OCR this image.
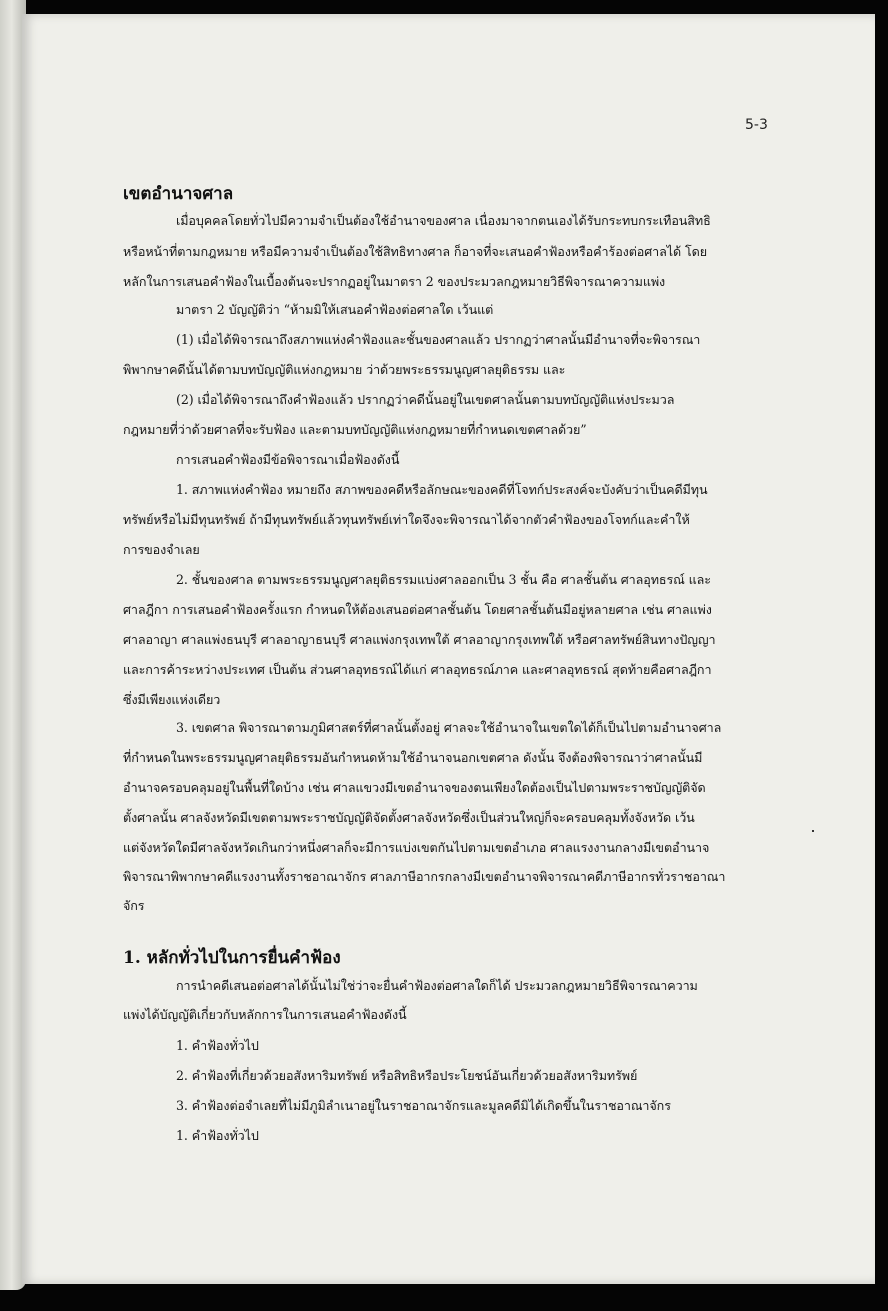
5-3
เขตอำนาจศาล
เมื่อบุคคลโดยทั่วไปมีความจำเป็นต้องใช้อำนาจของศาล เนื่องมาจากตนเองได้รับกระทบกระเทือนสิทธิ
หรือหน้าที่ตามกฎหมาย หรือมีความจำเป็นต้องใช้สิทธิทางศาล ก็อาจที่จะเสนอคำฟ้องหรือคำร้องต่อศาลได้ โดย
หลักในการเสนอคำฟ้องในเบื้องต้นจะปรากฏอยู่ในมาตรา 2 ของประมวลกฎหมายวิธีพิจารณาความแพ่ง
มาตรา 2 บัญญัติว่า “ห้ามมิให้เสนอคำฟ้องต่อศาลใด เว้นแต่
(1) เมื่อได้พิจารณาถึงสภาพแห่งคำฟ้องและชั้นของศาลแล้ว ปรากฏว่าศาลนั้นมีอำนาจที่จะพิจารณา
พิพากษาคดีนั้นได้ตามบทบัญญัติแห่งกฎหมาย ว่าด้วยพระธรรมนูญศาลยุติธรรม และ
(2) เมื่อได้พิจารณาถึงคำฟ้องแล้ว ปรากฏว่าคดีนั้นอยู่ในเขตศาลนั้นตามบทบัญญัติแห่งประมวล
กฎหมายที่ว่าด้วยศาลที่จะรับฟ้อง และตามบทบัญญัติแห่งกฎหมายที่กำหนดเขตศาลด้วย”
การเสนอคำฟ้องมีข้อพิจารณาเมื่อฟ้องดังนี้
1. สภาพแห่งคำฟ้อง หมายถึง สภาพของคดีหรือลักษณะของคดีที่โจทก์ประสงค์จะบังคับว่าเป็นคดีมีทุน
ทรัพย์หรือไม่มีทุนทรัพย์ ถ้ามีทุนทรัพย์แล้วทุนทรัพย์เท่าใดจึงจะพิจารณาได้จากตัวคำฟ้องของโจทก์และคำให้
การของจำเลย
2. ชั้นของศาล ตามพระธรรมนูญศาลยุติธรรมแบ่งศาลออกเป็น 3 ชั้น คือ ศาลชั้นต้น ศาลอุทธรณ์ และ
ศาลฎีกา การเสนอคำฟ้องครั้งแรก กำหนดให้ต้องเสนอต่อศาลชั้นต้น โดยศาลชั้นต้นมีอยู่หลายศาล เช่น ศาลแพ่ง
ศาลอาญา ศาลแพ่งธนบุรี ศาลอาญาธนบุรี ศาลแพ่งกรุงเทพใต้ ศาลอาญากรุงเทพใต้ หรือศาลทรัพย์สินทางปัญญา
และการค้าระหว่างประเทศ เป็นต้น ส่วนศาลอุทธรณ์ได้แก่ ศาลอุทธรณ์ภาค และศาลอุทธรณ์ สุดท้ายคือศาลฎีกา
ซึ่งมีเพียงแห่งเดียว
3. เขตศาล พิจารณาตามภูมิศาสตร์ที่ศาลนั้นตั้งอยู่ ศาลจะใช้อำนาจในเขตใดได้ก็เป็นไปตามอำนาจศาล
ที่กำหนดในพระธรรมนูญศาลยุติธรรมอันกำหนดห้ามใช้อำนาจนอกเขตศาล ดังนั้น จึงต้องพิจารณาว่าศาลนั้นมี
อำนาจครอบคลุมอยู่ในพื้นที่ใดบ้าง เช่น ศาลแขวงมีเขตอำนาจของตนเพียงใดต้องเป็นไปตามพระราชบัญญัติจัด
ตั้งศาลนั้น ศาลจังหวัดมีเขตตามพระราชบัญญัติจัดตั้งศาลจังหวัดซึ่งเป็นส่วนใหญ่ก็จะครอบคลุมทั้งจังหวัด เว้น
แต่จังหวัดใดมีศาลจังหวัดเกินกว่าหนึ่งศาลก็จะมีการแบ่งเขตกันไปตามเขตอำเภอ ศาลแรงงานกลางมีเขตอำนาจ
พิจารณาพิพากษาคดีแรงงานทั้งราชอาณาจักร ศาลภาษีอากรกลางมีเขตอำนาจพิจารณาคดีภาษีอากรทั่วราชอาณา
จักร
1. หลักทั่วไปในการยื่นคำฟ้อง
การนำคดีเสนอต่อศาลได้นั้นไม่ใช่ว่าจะยื่นคำฟ้องต่อศาลใดก็ได้ ประมวลกฎหมายวิธีพิจารณาความ
แพ่งได้บัญญัติเกี่ยวกับหลักการในการเสนอคำฟ้องดังนี้
1. คำฟ้องทั่วไป
2. คำฟ้องที่เกี่ยวด้วยอสังหาริมทรัพย์ หรือสิทธิหรือประโยชน์อันเกี่ยวด้วยอสังหาริมทรัพย์
3. คำฟ้องต่อจำเลยที่ไม่มีภูมิลำเนาอยู่ในราชอาณาจักรและมูลคดีมิได้เกิดขึ้นในราชอาณาจักร
1. คำฟ้องทั่วไป
